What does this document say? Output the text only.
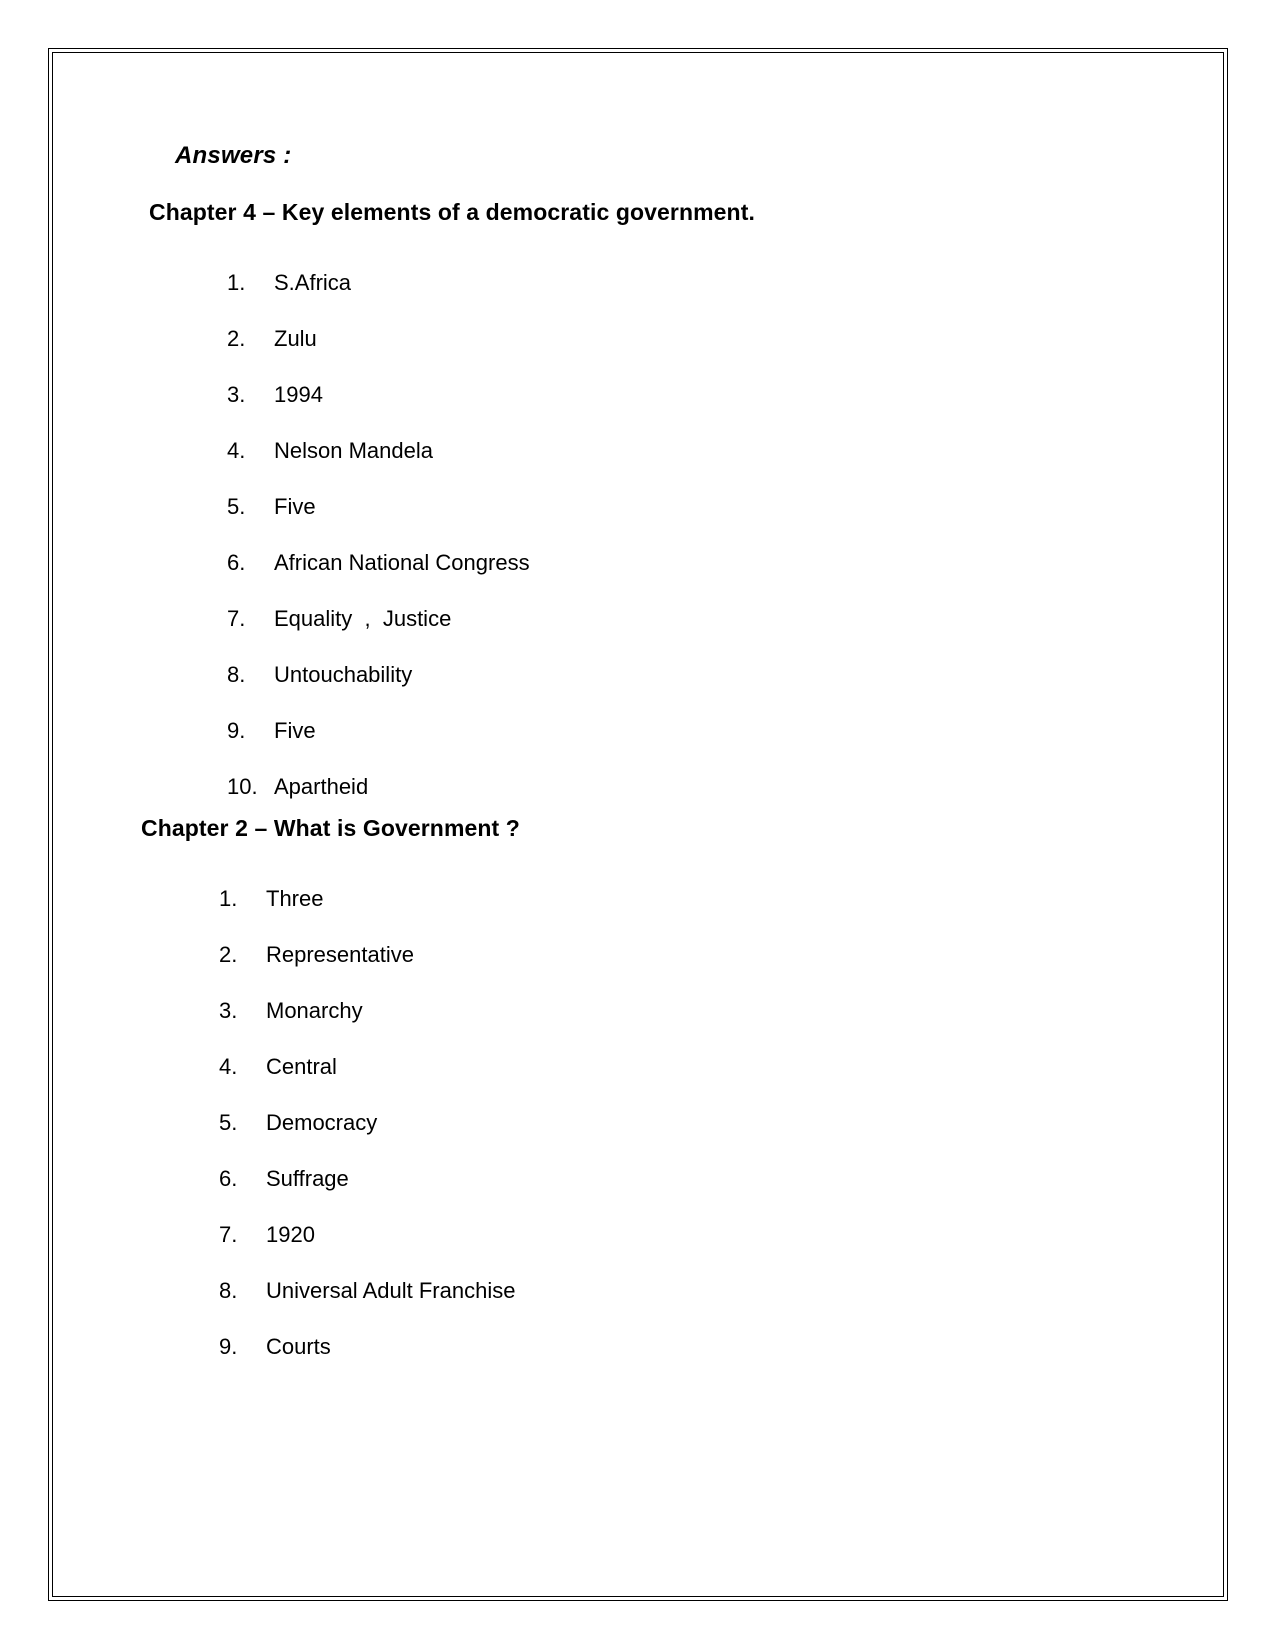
Answers :
Chapter 4 – Key elements of a democratic government.
1.	S.Africa
2.	Zulu
3.	1994
4.	Nelson Mandela
5.	Five
6.	African National Congress
7.	Equality  ,  Justice
8.	Untouchability
9.	Five
10. Apartheid
Chapter 2 – What is Government ?
1.	Three
2.	Representative
3.	Monarchy
4.	Central
5.	Democracy
6.	Suffrage
7.	1920
8.	Universal Adult Franchise
9.	Courts
